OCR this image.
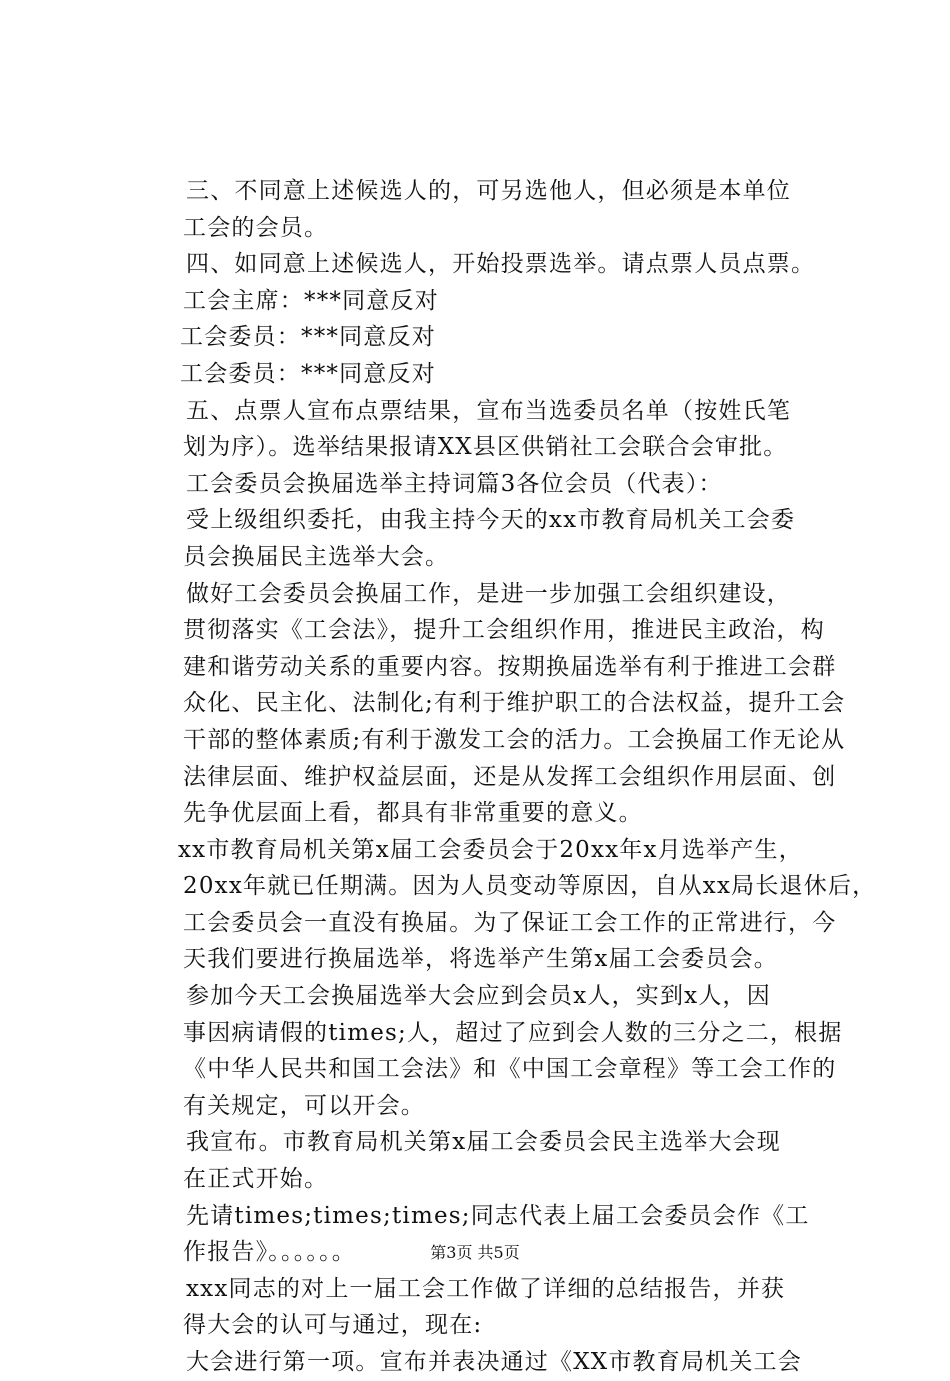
三、不同意上述候选人的，可另选他人，但必须是本单位
工会的会员。
四、如同意上述候选人，开始投票选举。请点票人员点票。
工会主席：***同意反对
工会委员：***同意反对
工会委员：***同意反对
五、点票人宣布点票结果，宣布当选委员名单（按姓氏笔
划为序）。选举结果报请XX县区供销社工会联合会审批。
工会委员会换届选举主持词篇3各位会员（代表）：
受上级组织委托，由我主持今天的xx市教育局机关工会委
员会换届民主选举大会。
做好工会委员会换届工作，是进一步加强工会组织建设，
贯彻落实《工会法》，提升工会组织作用，推进民主政治，构
建和谐劳动关系的重要内容。按期换届选举有利于推进工会群
众化、民主化、法制化;有利于维护职工的合法权益，提升工会
干部的整体素质;有利于激发工会的活力。工会换届工作无论从
法律层面、维护权益层面，还是从发挥工会组织作用层面、创
先争优层面上看，都具有非常重要的意义。
xx市教育局机关第x届工会委员会于20xx年x月选举产生，
20xx年就已任期满。因为人员变动等原因，自从xx局长退休后，
工会委员会一直没有换届。为了保证工会工作的正常进行，今
天我们要进行换届选举，将选举产生第x届工会委员会。
参加今天工会换届选举大会应到会员x人，实到x人，因
事因病请假的times;人，超过了应到会人数的三分之二，根据
《中华人民共和国工会法》和《中国工会章程》等工会工作的
有关规定，可以开会。
我宣布。市教育局机关第x届工会委员会民主选举大会现
在正式开始。
先请times;times;times;同志代表上届工会委员会作《工
作报告》。。。。。。
xxx同志的对上一届工会工作做了详细的总结报告，并获
得大会的认可与通过，现在:
大会进行第一项。宣布并表决通过《XX市教育局机关工会
第3页 共5页
